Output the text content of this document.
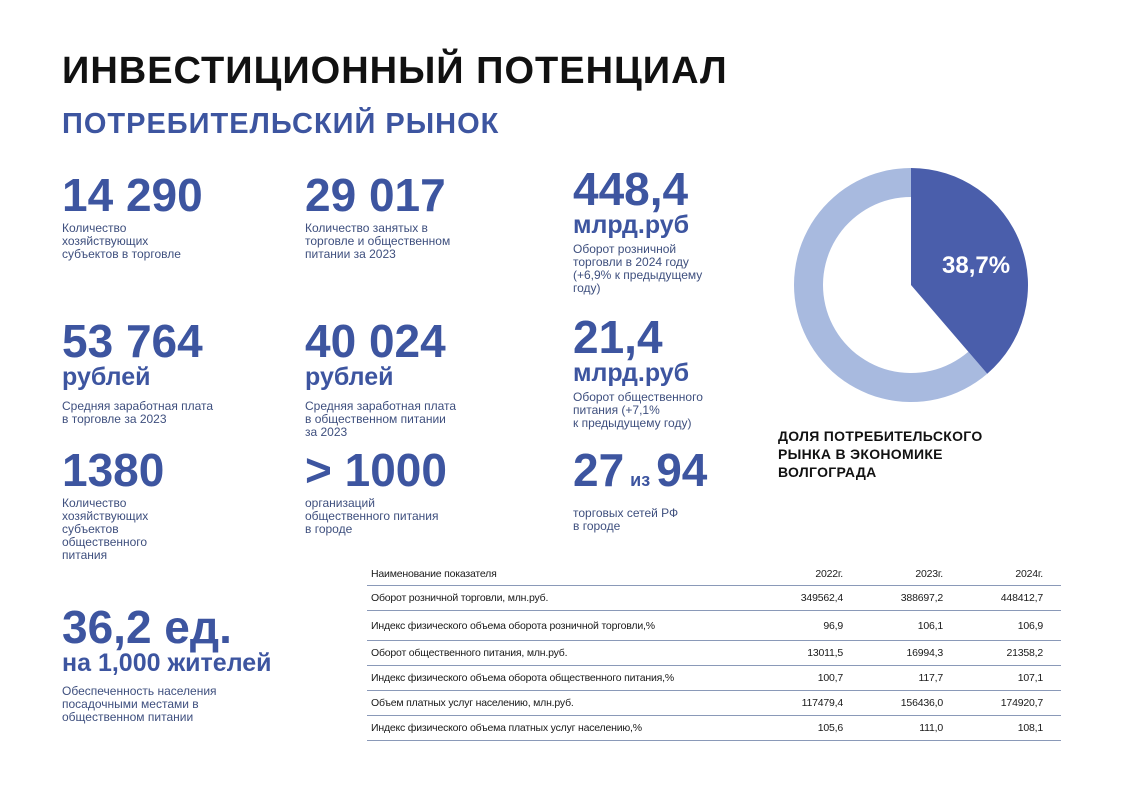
ИНВЕСТИЦИОННЫЙ ПОТЕНЦИАЛ
ПОТРЕБИТЕЛЬСКИЙ РЫНОК
14 290
Количество
хозяйствующих
субъектов в торговле
53 764
рублей
Средняя заработная плата
в торговле за 2023
1380
Количество
хозяйствующих
субъектов
общественного
питания
36,2 ед.
на 1,000 жителей
Обеспеченность населения
посадочными местами в
общественном питании
29 017
Количество занятых в
торговле и общественном
питании за 2023
40 024
рублей
Средняя заработная плата
в общественном питании
за 2023
> 1000
организаций
общественного питания
в городе
448,4
млрд.руб
Оборот розничной
торговли в 2024 году
(+6,9% к предыдущему
году)
21,4
млрд.руб
Оборот общественного
питания (+7,1%
к предыдущему году)
27 из 94
торговых сетей РФ
в городе
38,7%
ДОЛЯ ПОТРЕБИТЕЛЬСКОГО
РЫНКА В ЭКОНОМИКЕ
ВОЛГОГРАДА
Наименование показателя	2022г.	2023г.	2024г.
Оборот розничной торговли, млн.руб.	349562,4	388697,2	448412,7
Индекс физического объема оборота розничной торговли,%	96,9	106,1	106,9
Оборот общественного питания, млн.руб.	13011,5	16994,3	21358,2
Индекс физического объема оборота общественного питания,%	100,7	117,7	107,1
Объем платных услуг населению, млн.руб.	117479,4	156436,0	174920,7
Индекс физического объема платных услуг населению,%	105,6	111,0	108,1
